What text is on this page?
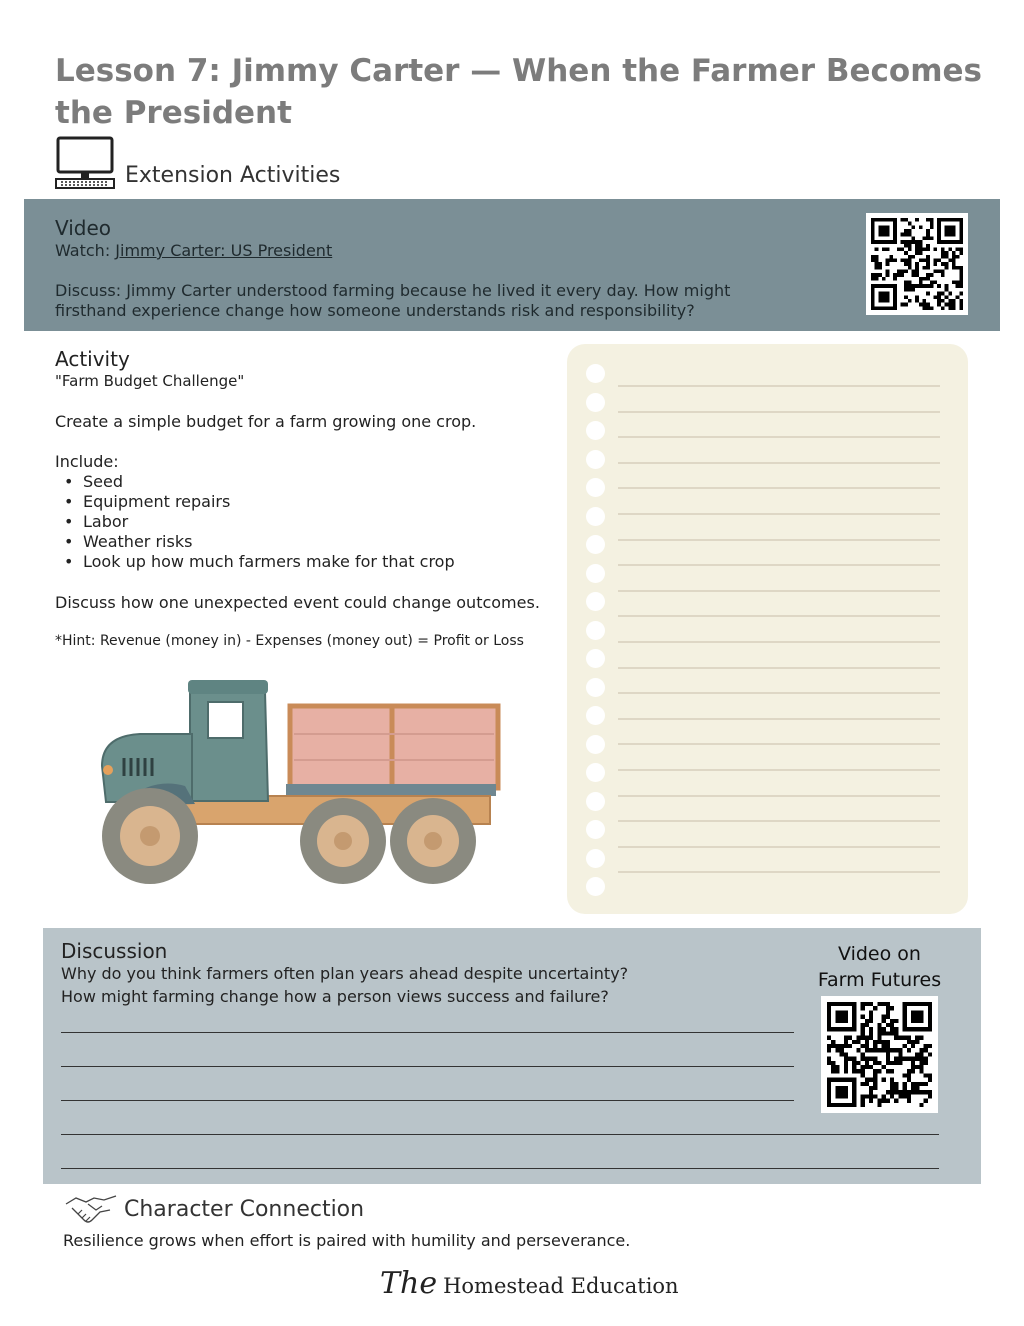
Lesson 7: Jimmy Carter — When the Farmer Becomes the President
Extension Activities
Video
Watch: Jimmy Carter: US President
Discuss: Jimmy Carter understood farming because he lived it every day. How might firsthand experience change how someone understands risk and responsibility?
Activity
"Farm Budget Challenge"
Create a simple budget for a farm growing one crop.
Include:
• Seed
• Equipment repairs
• Labor
• Weather risks
• Look up how much farmers make for that crop
Discuss how one unexpected event could change outcomes.
*Hint: Revenue (money in) - Expenses (money out) = Profit or Loss
Discussion
Why do you think farmers often plan years ahead despite uncertainty?
How might farming change how a person views success and failure?
Video on
Farm Futures
Character Connection
Resilience grows when effort is paired with humility and perseverance.
The Homestead Education
